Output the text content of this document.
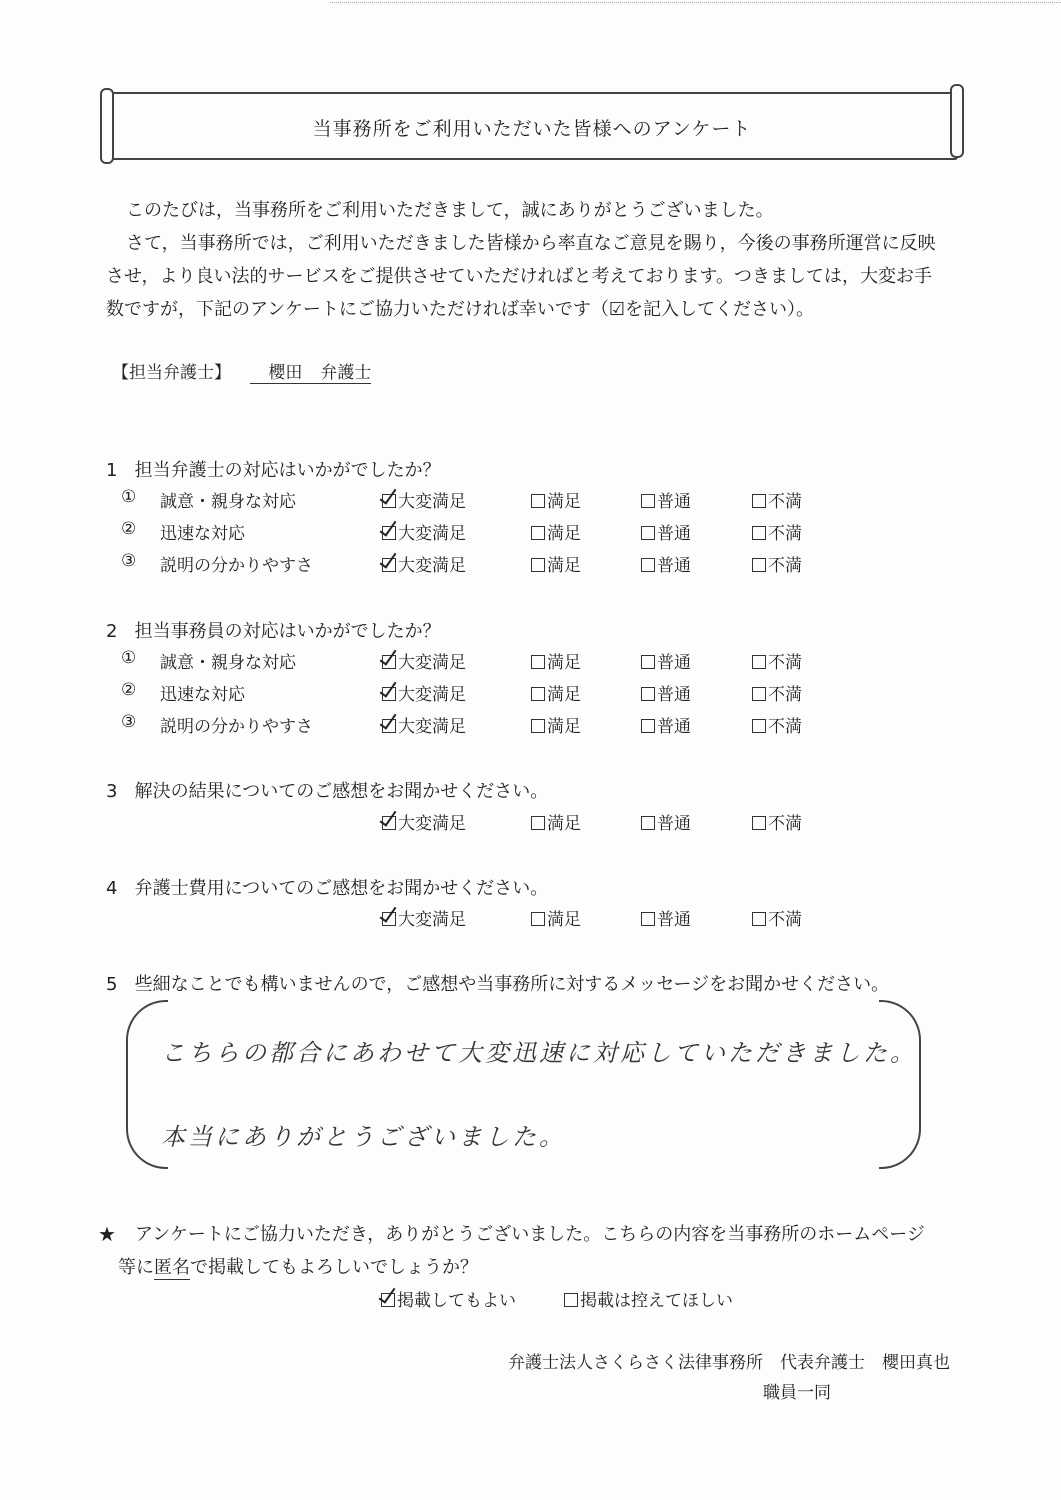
当事務所をご利用いただいた皆様へのアンケート
このたびは，当事務所をご利用いただきまして，誠にありがとうございました。
さて，当事務所では，ご利用いただきました皆様から率直なご意見を賜り，今後の事務所運営に反映
させ，より良い法的サービスをご提供させていただければと考えております。つきましては，大変お手
数ですが，下記のアンケートにご協力いただければ幸いです（☑を記入してください）。
【担当弁護士】 櫻田 弁護士
1 担当弁護士の対応はいかがでしたか？
① 誠意・親身な対応	大変満足	満足	普通	不満
② 迅速な対応	大変満足	満足	普通	不満
③ 説明の分かりやすさ	大変満足	満足	普通	不満
2 担当事務員の対応はいかがでしたか？
① 誠意・親身な対応	大変満足	満足	普通	不満
② 迅速な対応	大変満足	満足	普通	不満
③ 説明の分かりやすさ	大変満足	満足	普通	不満
3 解決の結果についてのご感想をお聞かせください。
大変満足	満足	普通	不満
4 弁護士費用についてのご感想をお聞かせください。
大変満足	満足	普通	不満
5 些細なことでも構いませんので，ご感想や当事務所に対するメッセージをお聞かせください。
こちらの都合にあわせて大変迅速に対応していただきました。
本当にありがとうございました。
★ アンケートにご協力いただき，ありがとうございました。こちらの内容を当事務所のホームページ
等に匿名で掲載してもよろしいでしょうか？
掲載してもよい	掲載は控えてほしい
弁護士法人さくらさく法律事務所　代表弁護士　櫻田真也
職員一同
